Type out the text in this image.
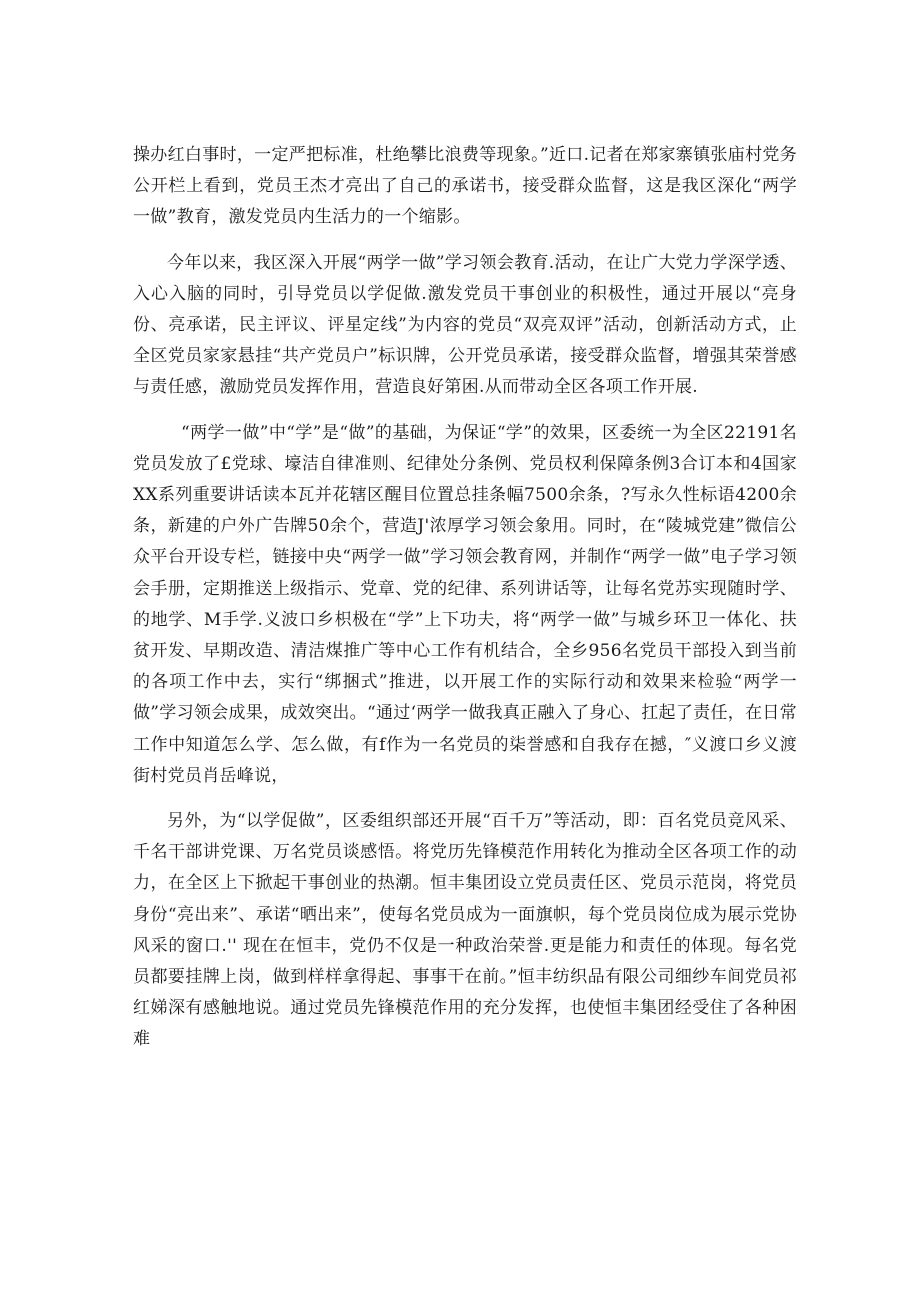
操办红白事时，一定严把标准，杜绝攀比浪费等现象。”近口.记者在郑家寨镇张庙村党务公开栏上看到，党员王杰才亮出了自己的承诺书，接受群众监督，这是我区深化“两学一做”教育，激发党员内生活力的一个缩影。

今年以来，我区深入开展“两学一做”学习领会教育.活动，在让广大党力学深学透、入心入脑的同时，引导党员以学促做.激发党员干事创业的积极性，通过开展以“亮身份、亮承诺，民主评议、评星定线”为内容的党员“双亮双评”活动，创新活动方式，止全区党员家家悬挂“共产党员户”标识牌，公开党员承诺，接受群众监督，增强其荣誉感与责任感，激励党员发挥作用，营造良好第困.从而带动全区各项工作开展.

“两学一做”中“学”是“做”的基础，为保证“学”的效果，区委统一为全区22191名党员发放了£党球、壕洁自律准则、纪律处分条例、党员权利保障条例3合订本和4国家XX系列重要讲话读本瓦并花辖区醒目位置总挂条幅7500余条，?写永久性标语4200余条，新建的户外广告牌50余个，营造J'浓厚学习领会象用。同时，在“陵城党建”微信公众平台开设专栏，链接中央“两学一做”学习领会教育网，并制作“两学一做”电子学习领会手册，定期推送上级指示、党章、党的纪律、系列讲话等，让每名党苏实现随时学、的地学、M手学.义波口乡枳极在“学”上下功夫，将“两学一做”与城乡环卫一体化、扶贫开发、早期改造、清洁煤推广等中心工作有机结合，全乡956名党员干部投入到当前的各项工作中去，实行“绑捆式”推进，以开展工作的实际行动和效果来检验“两学一做”学习领会成果，成效突出。“通过‘两学一做我真正融入了身心、扛起了责任，在日常工作中知道怎么学、怎么做，有f作为一名党员的柒誉感和自我存在撼，″义渡口乡义渡街村党员肖岳峰说，

另外，为“以学促做”，区委组织部还开展“百千万”等活动，即：百名党员竞风采、千名干部讲党课、万名党员谈感悟。将党历先锋模范作用转化为推动全区各项工作的动力，在全区上下掀起干事创业的热潮。恒丰集团设立党员责任区、党员示范岗，将党员身份“亮出来”、承诺“晒出来”，使每名党员成为一面旗帜，每个党员岗位成为展示党协风采的窗口.'' 现在在恒丰，党仍不仅是一种政治荣誉.更是能力和责任的体现。每名党员都要挂牌上岗，做到样样拿得起、事事干在前。”恒丰纺织品有限公司细纱车间党员祁红娣深有感触地说。通过党员先锋模范作用的充分发挥，也使恒丰集团经受住了各种困难
